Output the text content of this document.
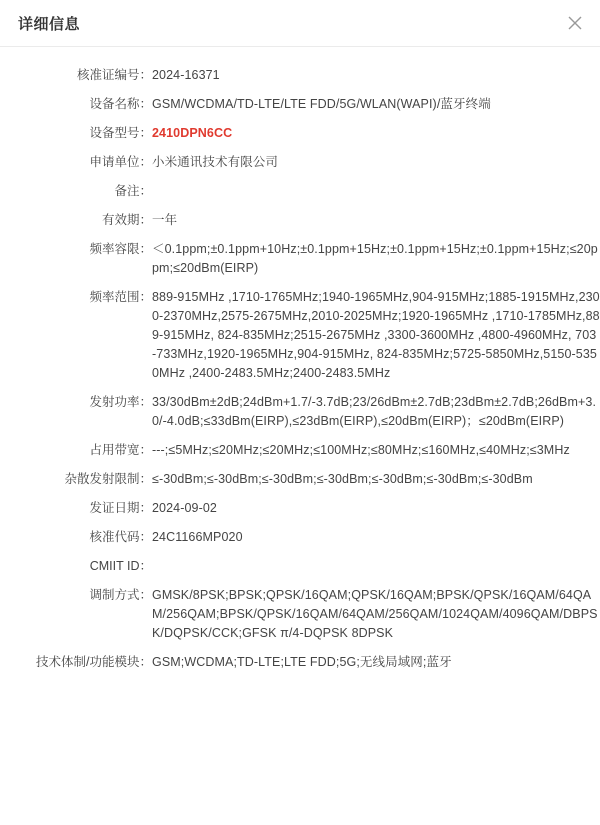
详细信息
核准证编号：	2024-16371
设备名称：	GSM/WCDMA/TD-LTE/LTE FDD/5G/WLAN(WAPI)/蓝牙终端
设备型号：	2410DPN6CC
申请单位：	小米通讯技术有限公司
备注：	
有效期：	一年
频率容限：	＜0.1ppm;±0.1ppm+10Hz;±0.1ppm+15Hz;±0.1ppm+15Hz;±0.1ppm+15Hz;≤20ppm;≤20dBm(EIRP)
频率范围：	889-915MHz ,1710-1765MHz;1940-1965MHz,904-915MHz;1885-1915MHz,2300-2370MHz,2575-2675MHz,2010-2025MHz;1920-1965MHz ,1710-1785MHz,889-915MHz, 824-835MHz;2515-2675MHz ,3300-3600MHz ,4800-4960MHz, 703-733MHz,1920-1965MHz,904-915MHz, 824-835MHz;5725-5850MHz,5150-5350MHz ,2400-2483.5MHz;2400-2483.5MHz
发射功率：	33/30dBm±2dB;24dBm+1.7/-3.7dB;23/26dBm±2.7dB;23dBm±2.7dB;26dBm+3.0/-4.0dB;≤33dBm(EIRP),≤23dBm(EIRP),≤20dBm(EIRP)；≤20dBm(EIRP)
占用带宽：	---;≤5MHz;≤20MHz;≤20MHz;≤100MHz;≤80MHz;≤160MHz,≤40MHz;≤3MHz
杂散发射限制：	≤-30dBm;≤-30dBm;≤-30dBm;≤-30dBm;≤-30dBm;≤-30dBm;≤-30dBm
发证日期：	2024-09-02
核准代码：	24C1166MP020
CMIIT ID：	
调制方式：	GMSK/8PSK;BPSK;QPSK/16QAM;QPSK/16QAM;BPSK/QPSK/16QAM/64QAM/256QAM;BPSK/QPSK/16QAM/64QAM/256QAM/1024QAM/4096QAM/DBPSK/DQPSK/CCK;GFSK π/4-DQPSK 8DPSK
技术体制/功能模块：	GSM;WCDMA;TD-LTE;LTE FDD;5G;无线局域网;蓝牙
